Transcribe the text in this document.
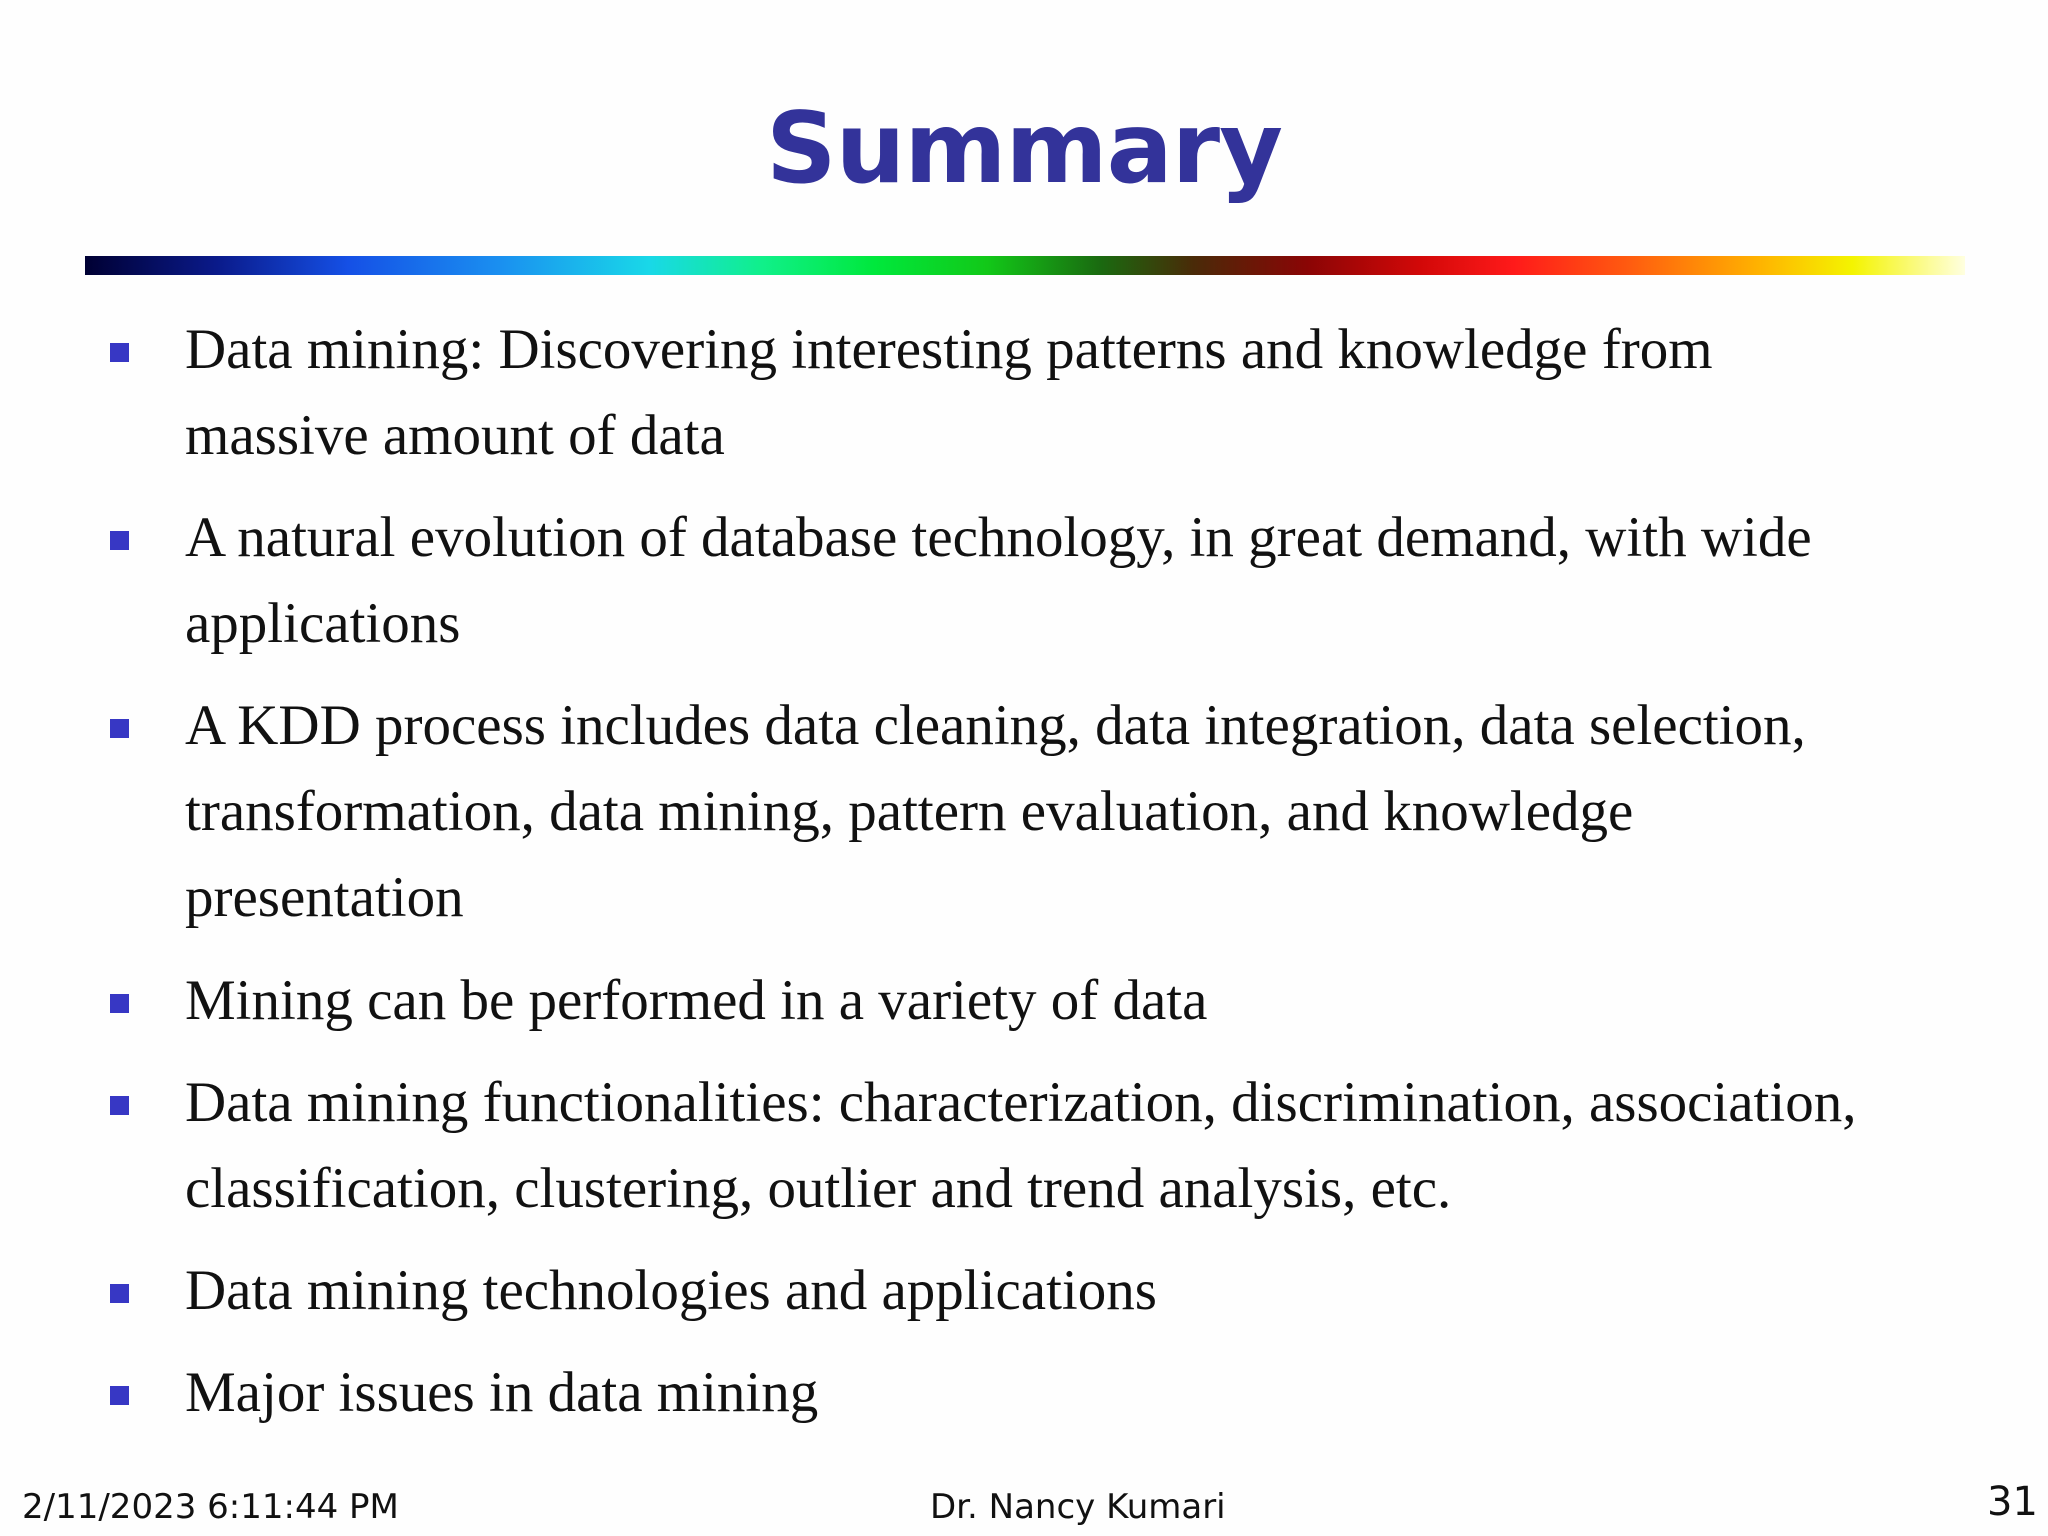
Summary
Data mining: Discovering interesting patterns and knowledge from
massive amount of data
A natural evolution of database technology, in great demand, with wide
applications
A KDD process includes data cleaning, data integration, data selection,
transformation, data mining, pattern evaluation, and knowledge
presentation
Mining can be performed in a variety of data
Data mining functionalities: characterization, discrimination, association,
classification, clustering, outlier and trend analysis, etc.
Data mining technologies and applications
Major issues in data mining
2/11/2023 6:11:44 PM	Dr. Nancy Kumari	31
